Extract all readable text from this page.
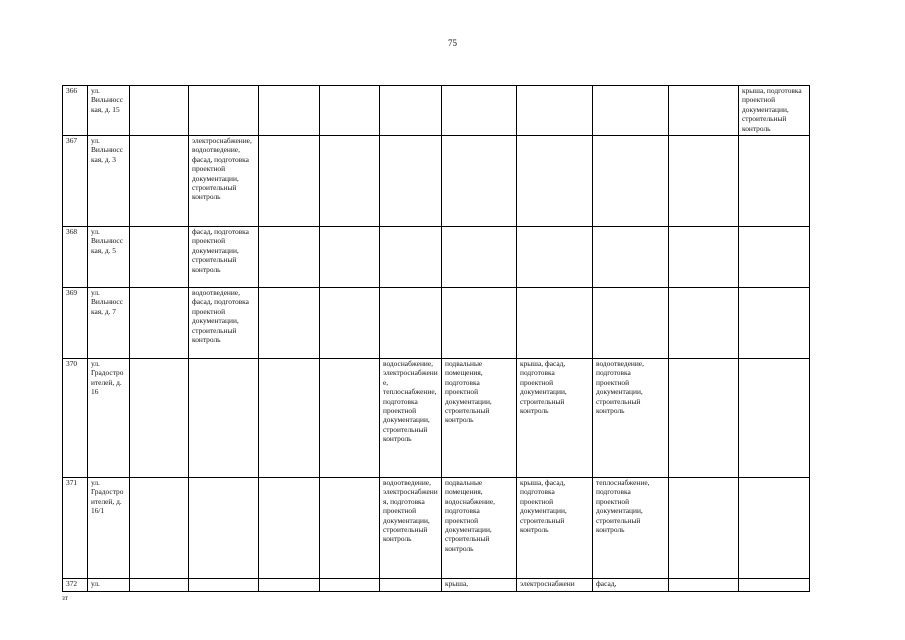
75
366	ул. Вильнюсская, д. 15										крыша, подготовка проектной документации, строительный контроль
367	ул. Вильнюсская, д. 3		электроснабжение, водоотведение, фасад, подготовка проектной документации, строительный контроль								
368	ул. Вильнюсская, д. 5		фасад, подготовка проектной документации, строительный контроль								
369	ул. Вильнюсская, д. 7		водоотведение, фасад, подготовка проектной документации, строительный контроль								
370	ул. Градостроителей, д. 16					водоснабжение, электроснабжение, теплоснабжение, подготовка проектной документации, строительный контроль	подвальные помещения, подготовка проектной документации, строительный контроль	крыша, фасад, подготовка проектной документации, строительный контроль	водоотведение, подготовка проектной документации, строительный контроль		
371	ул. Градостроителей, д. 16/1					водоотведение, электроснабжения, подготовка проектной документации, строительный контроль	подвальные помещения, водоснабжение, подготовка проектной документации, строительный контроль	крыша, фасад, подготовка проектной документации, строительный контроль	теплоснабжение, подготовка проектной документации, строительный контроль		
372	ул.						крыша,	электроснабжени	фасад,		
зт
